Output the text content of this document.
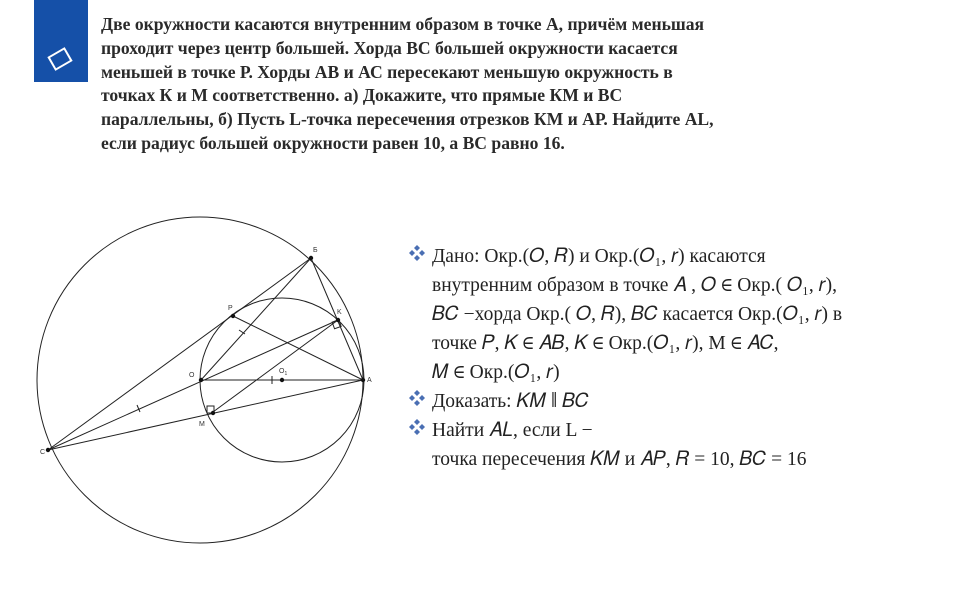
Две окружности касаются внутренним образом в точке А, причём меньшая
проходит через центр большей. Хорда ВС большей окружности касается
меньшей в точке Р. Хорды АВ и АС пересекают меньшую окружность в
точках К и М соответственно. а) Докажите, что прямые КМ и ВС
параллельны, б) Пусть L-точка пересечения отрезков КМ и АР. Найдите AL,
если радиус большей окружности равен 10, а ВС равно 16.
Б
P
K
O
$O_1$
A
C
M
Дано: Окр.(𝑂, 𝑅) и Окр.(𝑂₁, 𝑟) касаются
внутренним образом в точке 𝐴 , 𝑂 ∈ Окр.( 𝑂₁, 𝑟),
𝐵𝐶 −хорда Окр.( 𝑂, 𝑅), 𝐵𝐶 касается Окр.(𝑂₁, 𝑟) в
точке 𝑃, 𝐾 ∈ 𝐴𝐵, 𝐾 ∈ Окр.(𝑂₁, 𝑟), М ∈ 𝐴𝐶,
𝑀 ∈ Окр.(𝑂₁, 𝑟)
Доказать: 𝐾𝑀 ∥ 𝐵𝐶
Найти 𝐴𝐿, если L −
точка пересечения 𝐾𝑀 и 𝐴𝑃, 𝑅 = 10, 𝐵𝐶 = 16
